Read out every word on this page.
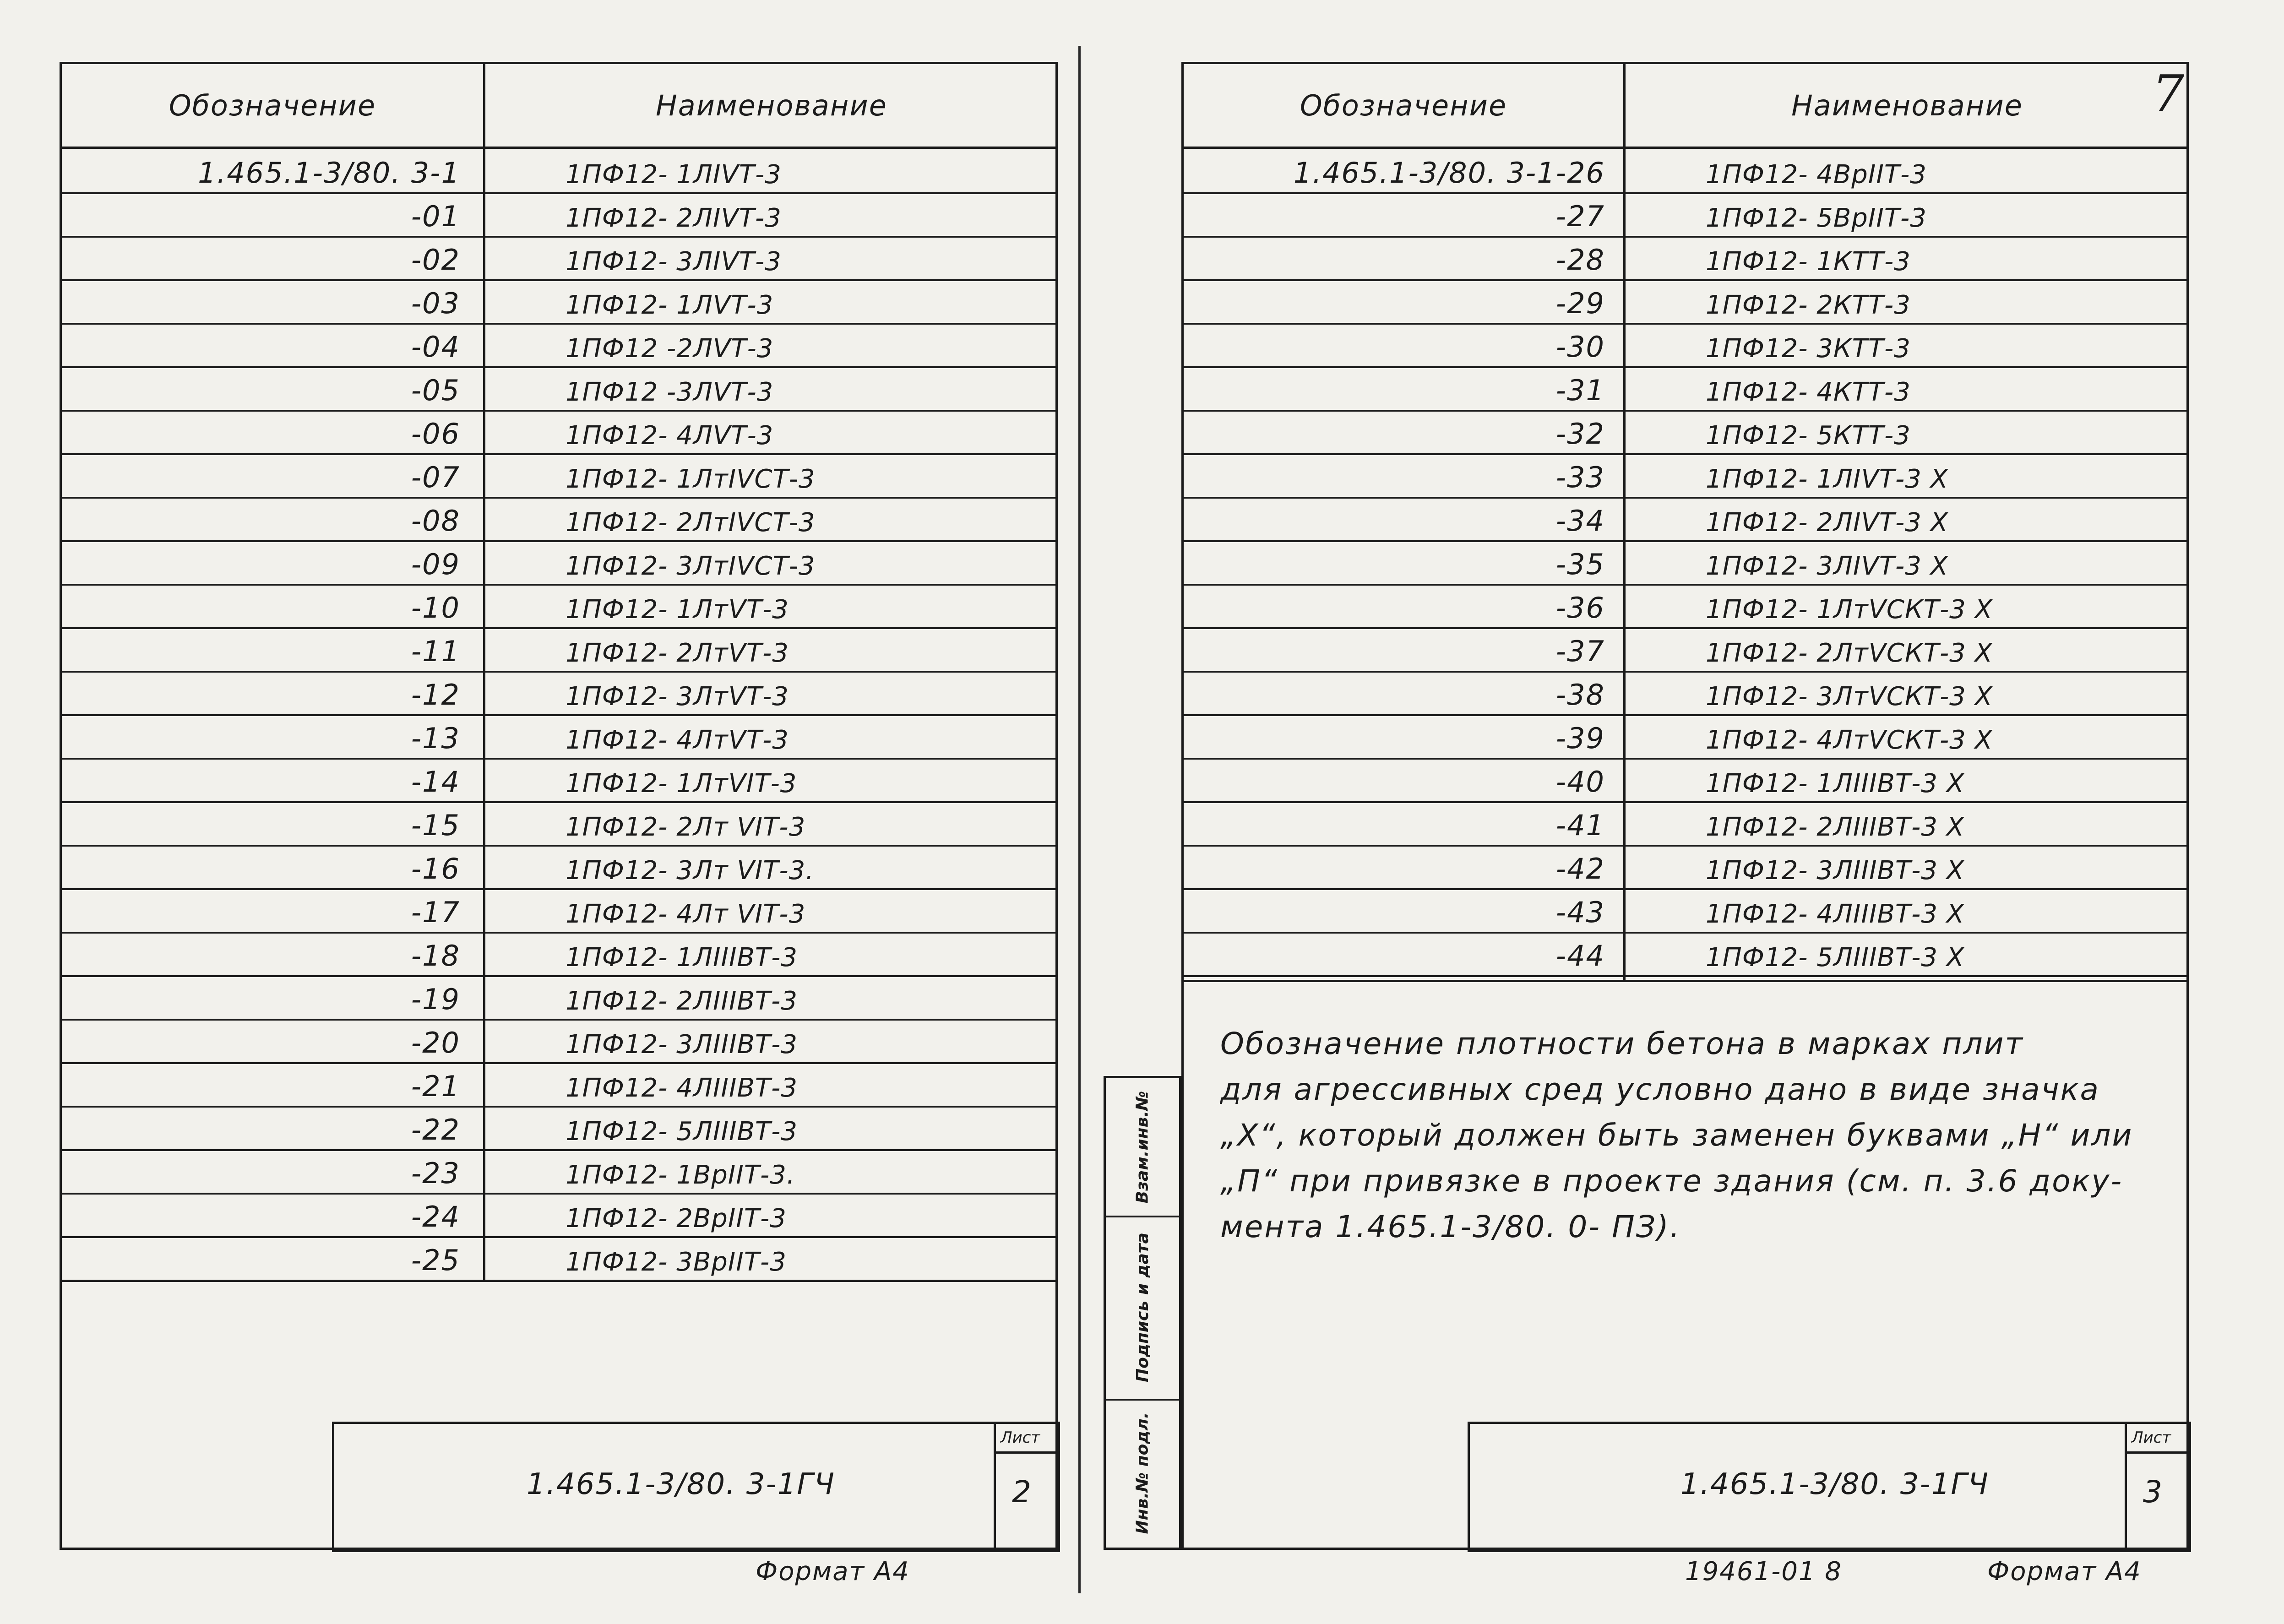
Обозначение	Наименование
1.465.1-3/80. 3-1	1ПФ12- 1ЛIVТ-3
-01	1ПФ12- 2ЛIVТ-3
-02	1ПФ12- 3ЛIVТ-3
-03	1ПФ12- 1ЛVТ-3
-04	1ПФ12 -2ЛVТ-3
-05	1ПФ12 -3ЛVТ-3
-06	1ПФ12- 4ЛVТ-3
-07	1ПФ12- 1ЛтIVСТ-3
-08	1ПФ12- 2ЛтIVСТ-3
-09	1ПФ12- 3ЛтIVСТ-3
-10	1ПФ12- 1ЛтVТ-3
-11	1ПФ12- 2ЛтVТ-3
-12	1ПФ12- 3ЛтVТ-3
-13	1ПФ12- 4ЛтVТ-3
-14	1ПФ12- 1ЛтVIТ-3
-15	1ПФ12- 2Лт VIТ-3
-16	1ПФ12- 3Лт VIТ-3.
-17	1ПФ12- 4Лт VIТ-3
-18	1ПФ12- 1ЛIIIВТ-3
-19	1ПФ12- 2ЛIIIВТ-3
-20	1ПФ12- 3ЛIIIВТ-3
-21	1ПФ12- 4ЛIIIВТ-3
-22	1ПФ12- 5ЛIIIВТ-3
-23	1ПФ12- 1ВрIIТ-3.
-24	1ПФ12- 2ВрIIТ-3
-25	1ПФ12- 3ВрIIТ-3
1.465.1-3/80. 3-1ГЧ
Лист
2
Формат А4
7
Взам.инв.№
Подпись и дата
Инв.№ подл.
Обозначение	Наименование
1.465.1-3/80. 3-1-26	1ПФ12- 4ВрIIТ-3
-27	1ПФ12- 5ВрIIТ-3
-28	1ПФ12- 1КТТ-3
-29	1ПФ12- 2КТТ-3
-30	1ПФ12- 3КТТ-3
-31	1ПФ12- 4КТТ-3
-32	1ПФ12- 5КТТ-3
-33	1ПФ12- 1ЛIVТ-3 Х
-34	1ПФ12- 2ЛIVТ-3 Х
-35	1ПФ12- 3ЛIVТ-3 Х
-36	1ПФ12- 1ЛтVСКТ-3 Х
-37	1ПФ12- 2ЛтVСКТ-3 Х
-38	1ПФ12- 3ЛтVСКТ-3 Х
-39	1ПФ12- 4ЛтVСКТ-3 Х
-40	1ПФ12- 1ЛIIIВТ-3 Х
-41	1ПФ12- 2ЛIIIВТ-3 Х
-42	1ПФ12- 3ЛIIIВТ-3 Х
-43	1ПФ12- 4ЛIIIВТ-3 Х
-44	1ПФ12- 5ЛIIIВТ-3 Х
Обозначение плотности бетона в марках плит
для агрессивных сред условно дано в виде значка
„Х“, который должен быть заменен буквами „Н“ или
„П“ при привязке в проекте здания (см. п. 3.6 доку-
мента 1.465.1-3/80. 0- ПЗ).
1.465.1-3/80. 3-1ГЧ
Лист
3
19461-01 8	Формат А4
